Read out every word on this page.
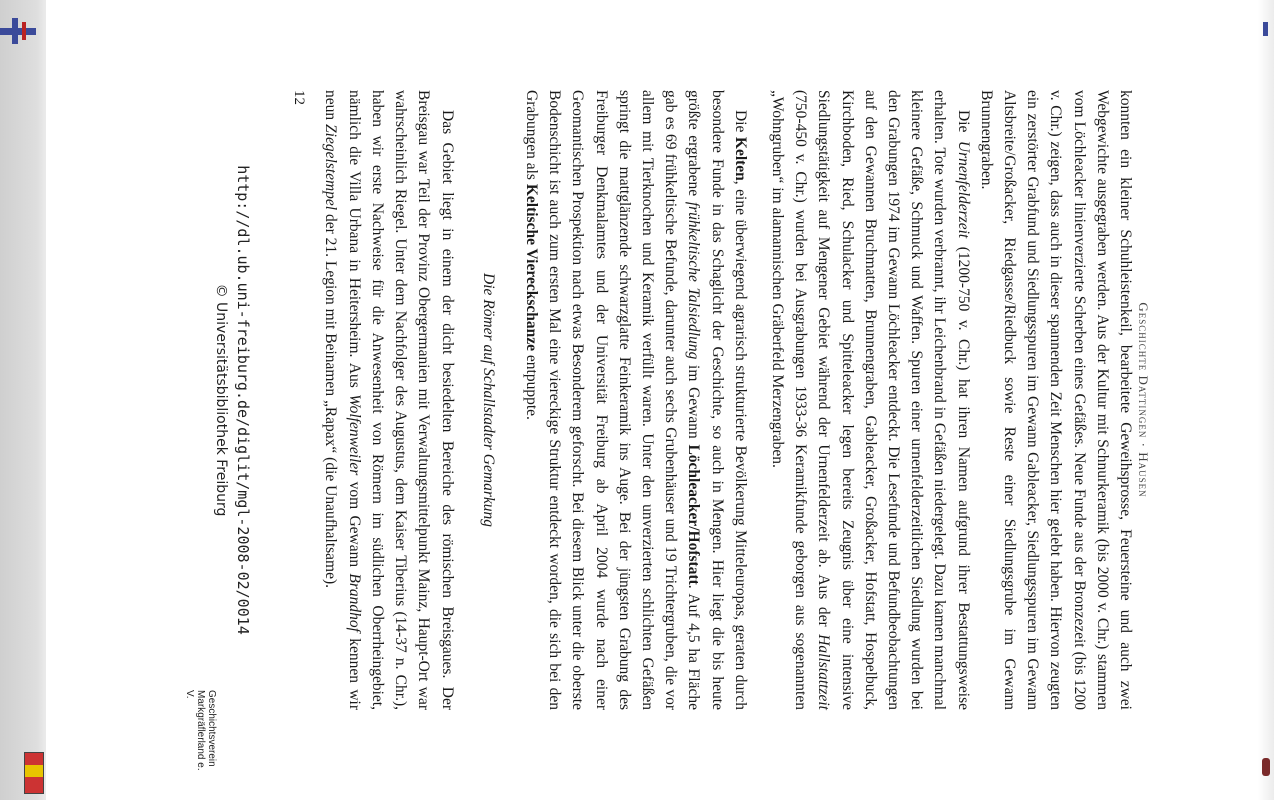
Geschichte Dattingen · Hausen

konnten ein kleiner Schuhleistenkeil, bearbeitete Geweihsprosse, Feuersteine und auch zwei Webgewichte ausgegraben werden. Aus der Kultur mit Schnurkeramik (bis 2000 v. Chr.) stammen vom Löchleacker linienverzierte Scherben eines Gefäßes. Neue Funde aus der Bronzezeit (bis 1200 v. Chr.) zeigen, dass auch in dieser spannenden Zeit Menschen hier gelebt haben. Hiervon zeugten ein zerstörter Grabfund und Siedlungsspuren im Gewann Gableacker, Siedlungsspuren im Gewann Altsbreite/Großacker, Riedgasse/Riedbuck sowie Reste einer Siedlungsgrube im Gewann Brunnengraben.

Die Urnenfelderzeit (1200-750 v. Chr.) hat ihren Namen aufgrund ihrer Bestattungsweise erhalten. Tote wurden verbrannt, ihr Leichenbrand in Gefäßen niedergelegt. Dazu kamen manchmal kleinere Gefäße, Schmuck und Waffen. Spuren einer urnenfelderzeitlichen Siedlung wurden bei den Grabungen 1974 im Gewann Löchleacker entdeckt. Die Lesefunde und Befundbeobachtungen auf den Gewannen Bruchmatten, Brunnengraben, Gableacker, Großacker, Hofstatt, Hospelbuck, Kirchboden, Ried, Schulacker und Spitteleacker legen bereits Zeugnis über eine intensive Siedlungstätigkeit auf Mengener Gebiet während der Urnenfelderzeit ab. Aus der Hallstattzeit (750-450 v. Chr.) wurden bei Ausgrabungen 1933-36 Keramikfunde geborgen aus sogenannten „Wohngruben“ im alamannischen Gräberfeld Merzengraben.

Die Kelten, eine überwiegend agrarisch strukturierte Bevölkerung Mitteleuropas, geraten durch besondere Funde in das Schaglicht der Geschichte, so auch in Mengen. Hier liegt die bis heute größte ergrabene frühkeltische Talsiedlung im Gewann Löchleacker/Hofstatt. Auf 4,5 ha Fläche gab es 69 frühkeltische Befunde, darunter auch sechs Grubenhäuser und 19 Trichtergruben, die vor allem mit Tierknochen und Keramik verfüllt waren. Unter den unverzierten schlichten Gefäßen springt die mattglänzende schwarzglatte Feinkeramik ins Auge. Bei der jüngsten Grabung des Freiburger Denkmalamtes und der Universität Freiburg ab April 2004 wurde nach einer Geomantischen Prospektion nach etwas Besonderem geforscht. Bei diesem Blick unter die oberste Bodenschicht ist auch zum ersten Mal eine viereckige Struktur entdeckt worden, die sich bei den Grabungen als Keltische Viereckschanze entpuppte.

Die Römer auf Schallstadter Gemarkung

Das Gebiet liegt in einem der dicht besiedelten Bereiche des römischen Breisgaues. Der Breisgau war Teil der Provinz Obergermanien mit Verwaltungsmittelpunkt Mainz, Haupt-Ort war wahrscheinlich Riegel. Unter dem Nachfolger des Augustus, dem Kaiser Tiberius (14-37 n. Chr.), haben wir erste Nachweise für die Anwesenheit von Römern im südlichen Oberrheingebiet, nämlich die Villa Urbana in Heitersheim. Aus Wolfenweiler vom Gewann Brandhof kennen wir neun Ziegelstempel der 21. Legion mit Beinamen „Rapax“ (die Unaufhaltsame).

12
http://dl.ub.uni-freiburg.de/diglit/mgl-2008-02/0014
© Universitätsbibliothek Freiburg
Geschichtsverein Markgräflerland e. V.
